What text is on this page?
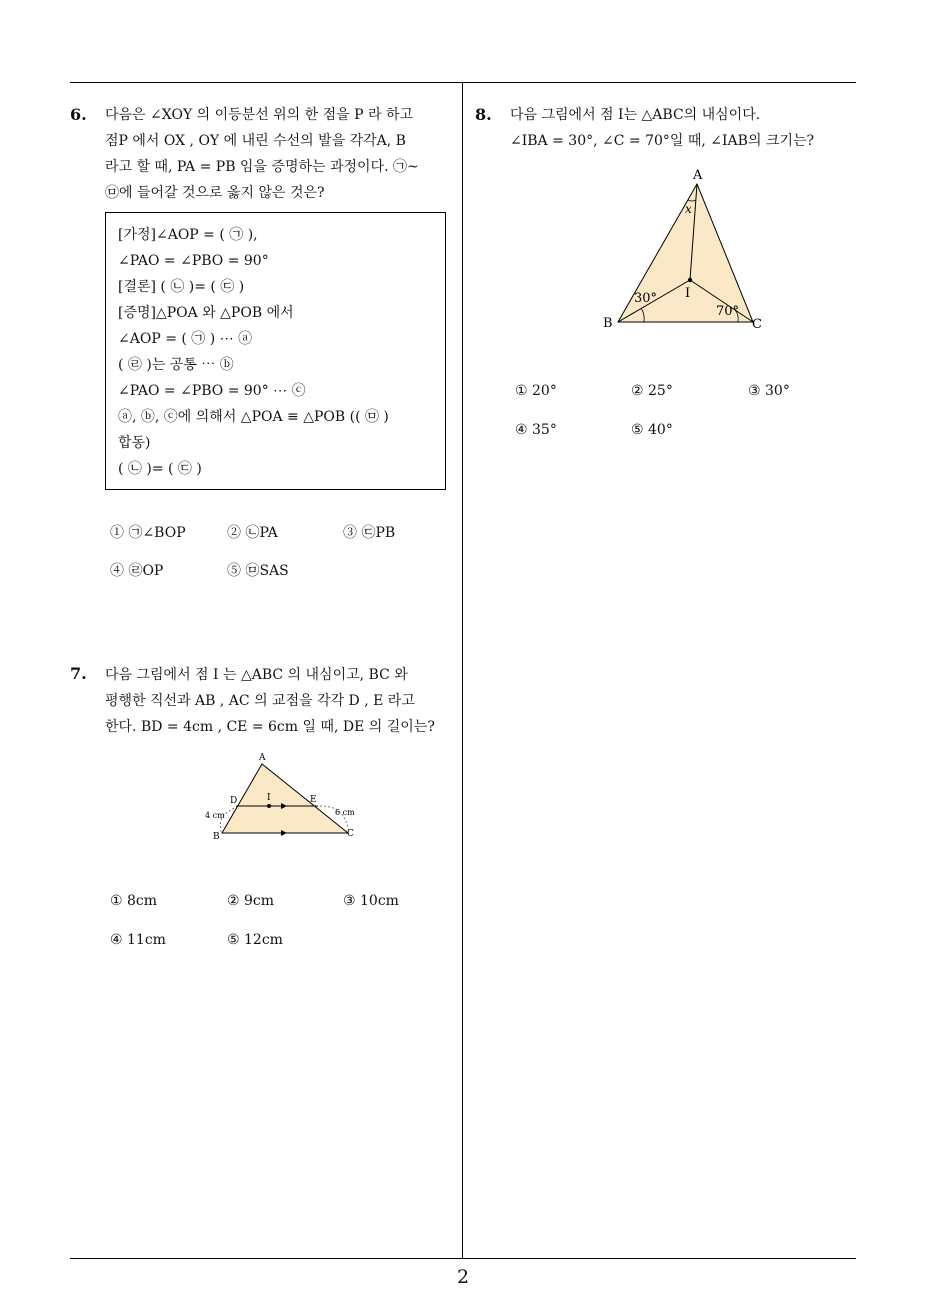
2
6. 다음은 ∠XOY 의 이등분선 위의 한 점을 P 라 하고
점P 에서 OX , OY 에 내린 수선의 발을 각각A, B
라고 할 때, PA = PB 임을 증명하는 과정이다. ㉠~
㉤에 들어갈 것으로 옳지 않은 것은?
[가정]∠AOP = ( ㉠ ),
∠PAO = ∠PBO = 90°
[결론] ( ㉡ )= ( ㉢ )
[증명]△POA 와 △POB 에서
∠AOP = ( ㉠ ) ⋯ ⓐ
( ㉣ )는 공통 ⋯ ⓑ
∠PAO = ∠PBO = 90° ⋯ ⓒ
ⓐ, ⓑ, ⓒ에 의해서 △POA ≡ △POB (( ㉤ )
합동)
( ㉡ )= ( ㉢ )
① ㉠∠BOP	② ㉡PA	③ ㉢PB
④ ㉣OP	⑤ ㉤SAS
7. 다음 그림에서 점 I 는 △ABC 의 내심이고, BC 와
평행한 직선과 AB , AC 의 교점을 각각 D , E 라고
한다. BD = 4cm , CE = 6cm 일 때, DE 의 길이는?
A
D	I	E
B	C
4 cm	6 cm
① 8cm	② 9cm	③ 10cm
④ 11cm	⑤ 12cm
8. 다음 그림에서 점 I는 △ABC의 내심이다.
∠IBA = 30°, ∠C = 70°일 때, ∠IAB의 크기는?
A
x
I
30°
70°
B	C
① 20°	② 25°	③ 30°
④ 35°	⑤ 40°
